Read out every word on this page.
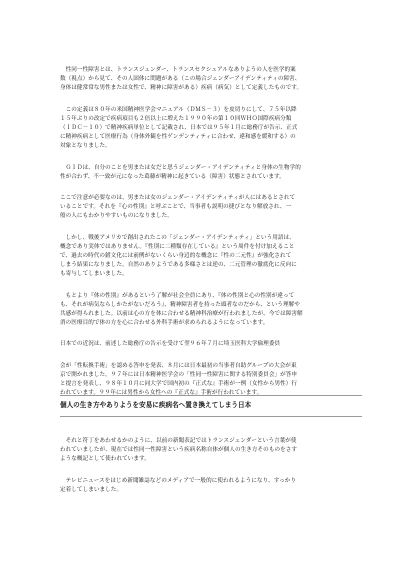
　性同一性障害とは、トランスジェンダー、トランスセクシュアルなありようの人を医学的案
数（視点）から見て、その人固体に問題がある（この場合ジェンダーアイデンティティの障害、
身体は健常常な男性または女性で、精神に障害がある）疾病（病気）として定義したものです。

　この定義は８０年の米国精神医学会マニュアル（ＤＭＳ－３）を皮切りにして、７５年以降
１５年ぶりの改定で疾病項目も２倍以上に増えた１９９０年の第１０回ＷＨＯ国際疾病分類
（ＩＤＣ－１０）で精神疾病単位として記載され、日本では９５年１月に総務庁が告示、正式
に精神疾病として医療行為（身体外観を性ゲンデンティティに合わせ、違和感を緩和する）の
対象となりました。

　ＧＩＤは、自分のことを男または女だと思うジェンダー・アイデンティティと身体の生物学的
性が合わず、不一致が元になった葛藤が精神に起きている（障害）状態とされています。

ここで注意が必要なのは、男または女のジェンダー・アイデンティティが人にはあるとされて
いることです。それを『心の性別』と呼ぶことで、当事者も説明の捷びとなり解放され、一
般の人にもわかりやすいものになりました。

　しかし、戦後アメリカで創出されたこの「ジェンダー・アイデンティティ」という用語は、
概念であり実体ではありません。『性別に二種類存在している』という周件を付け加えること
で、過去の時代の錯文化には前例がないくらい身辺的な概念に『性の二元性』が強化されて
しまう結果になりました。自然のありようである多様さとは逆の、二元管理の徹底化に反向に
も寄与してしまいました。

　もとより『体の性別』があるという了解が社会全員にあり、『体の性別と心の性別が違って
も、それが病気ならしかたがないだろう』、精神障害者を持った頭者なのだから、という理解や
共感が得られました。以前は心の方を体に合わせる精神科治療が行われましたが、今では障害解
消の医療目的で体の方を心に合わせる外科手術が求められるようになっています。

日本での近況は、前述した総務庁の告示を受けて翌９６年７月に埼玉医科大学倫理委員

会が「性転換手術」を認める答申を発表、８月には日本最初の当事者自助グループの大会が東
京で開かれました。９７年には日本精神医学会の「性同一性障害に関する特別委員会」が答申
と提言を発表し、９８年１０月に同大学で国内初の『正式な』手術が一例（女性から男性）行
われています。９９年には男性から女性への『正式な』手術が行われています。

個人の生き方やありようを安易に疾病名へ置き換えてしまう日本

　それと符丁をあわせるかのように、以前の新聞表記ではトランスジェンダーという言葉が使
われていましたが、現在では性同一性障害という疾病名称自体が個人の生き方そのものをさす
ような概記として使われています。

　テレビニュースをはじめ新聞雑誌などのメディアで一般的に使われるようになり、すっかり
定着してしまいました。
